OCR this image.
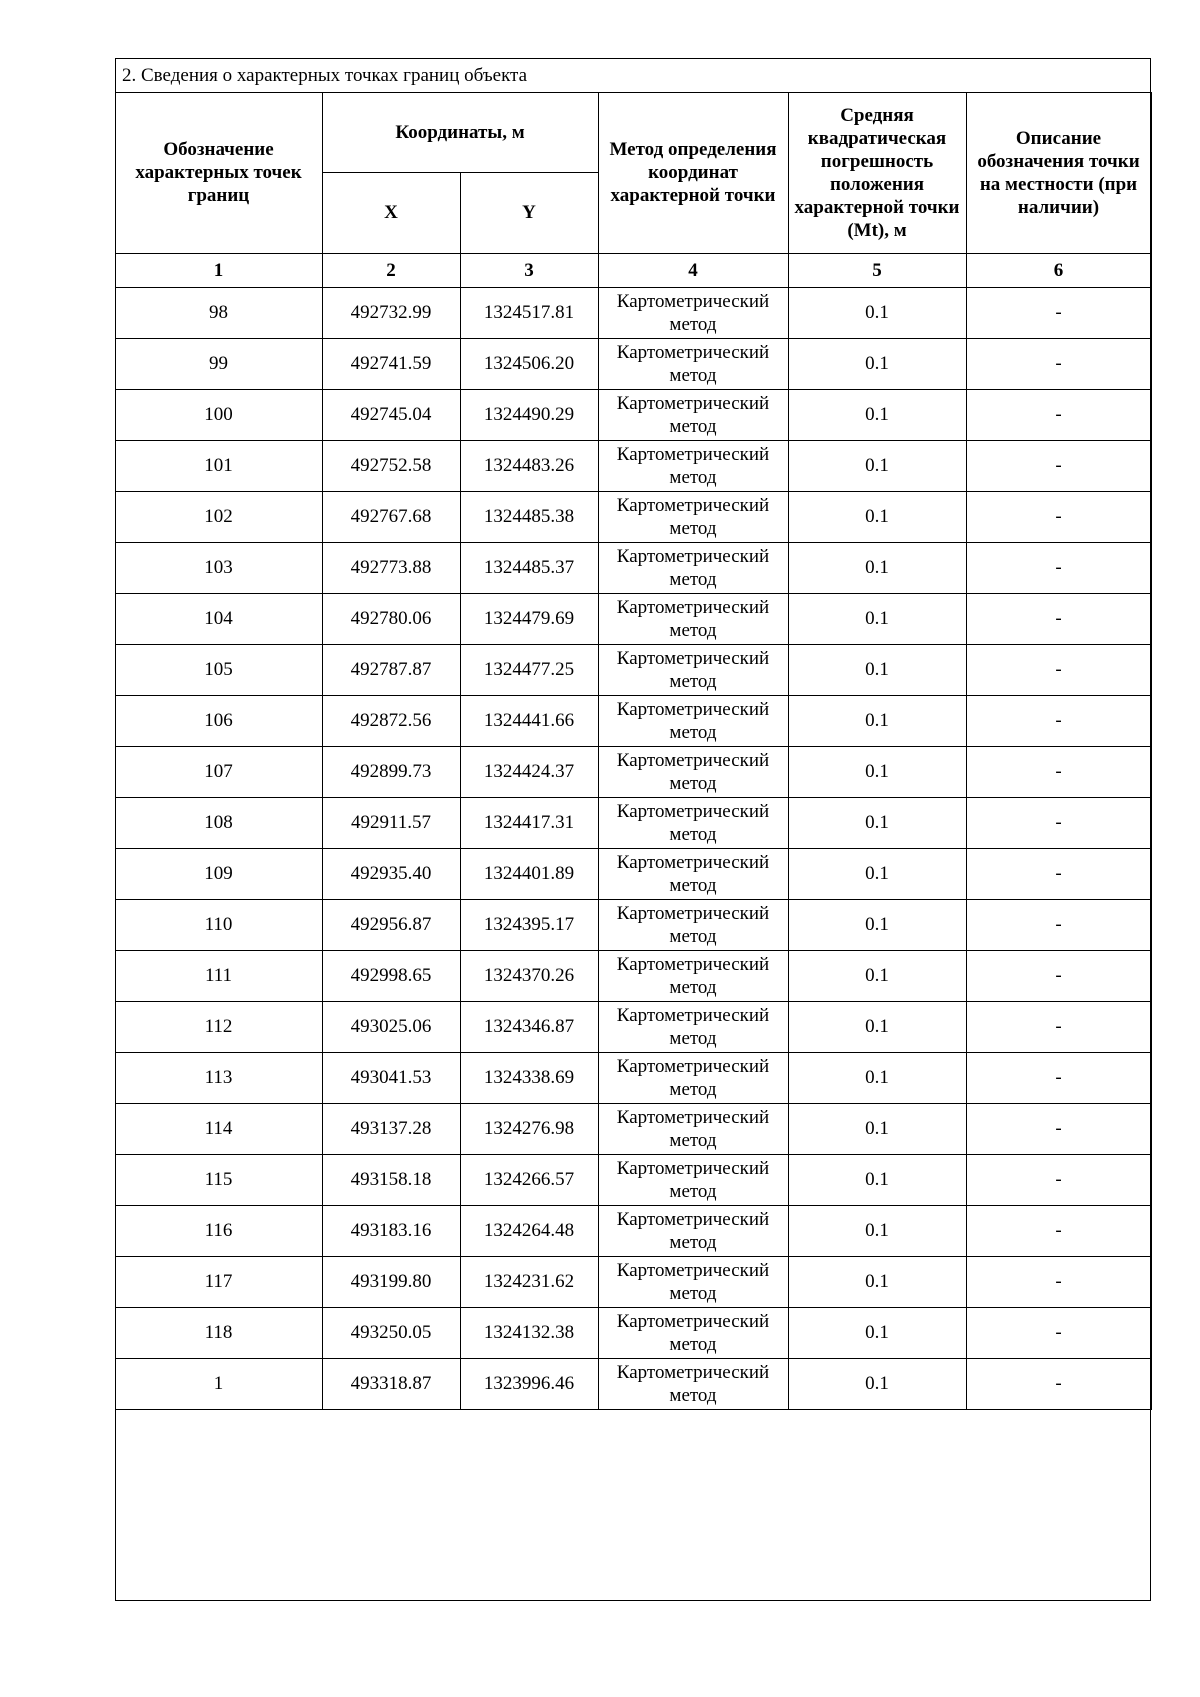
2. Сведения о характерных точках границ объекта
Обозначение характерных точек границ	Координаты, м		Метод определения координат характерной точки	Средняя квадратическая погрешность положения характерной точки (Mt), м	Описание обозначения точки на местности (при наличии)
	X	Y			
1	2	3	4	5	6
98	492732.99	1324517.81	Картометрический метод	0.1	-
99	492741.59	1324506.20	Картометрический метод	0.1	-
100	492745.04	1324490.29	Картометрический метод	0.1	-
101	492752.58	1324483.26	Картометрический метод	0.1	-
102	492767.68	1324485.38	Картометрический метод	0.1	-
103	492773.88	1324485.37	Картометрический метод	0.1	-
104	492780.06	1324479.69	Картометрический метод	0.1	-
105	492787.87	1324477.25	Картометрический метод	0.1	-
106	492872.56	1324441.66	Картометрический метод	0.1	-
107	492899.73	1324424.37	Картометрический метод	0.1	-
108	492911.57	1324417.31	Картометрический метод	0.1	-
109	492935.40	1324401.89	Картометрический метод	0.1	-
110	492956.87	1324395.17	Картометрический метод	0.1	-
111	492998.65	1324370.26	Картометрический метод	0.1	-
112	493025.06	1324346.87	Картометрический метод	0.1	-
113	493041.53	1324338.69	Картометрический метод	0.1	-
114	493137.28	1324276.98	Картометрический метод	0.1	-
115	493158.18	1324266.57	Картометрический метод	0.1	-
116	493183.16	1324264.48	Картометрический метод	0.1	-
117	493199.80	1324231.62	Картометрический метод	0.1	-
118	493250.05	1324132.38	Картометрический метод	0.1	-
1	493318.87	1323996.46	Картометрический метод	0.1	-
